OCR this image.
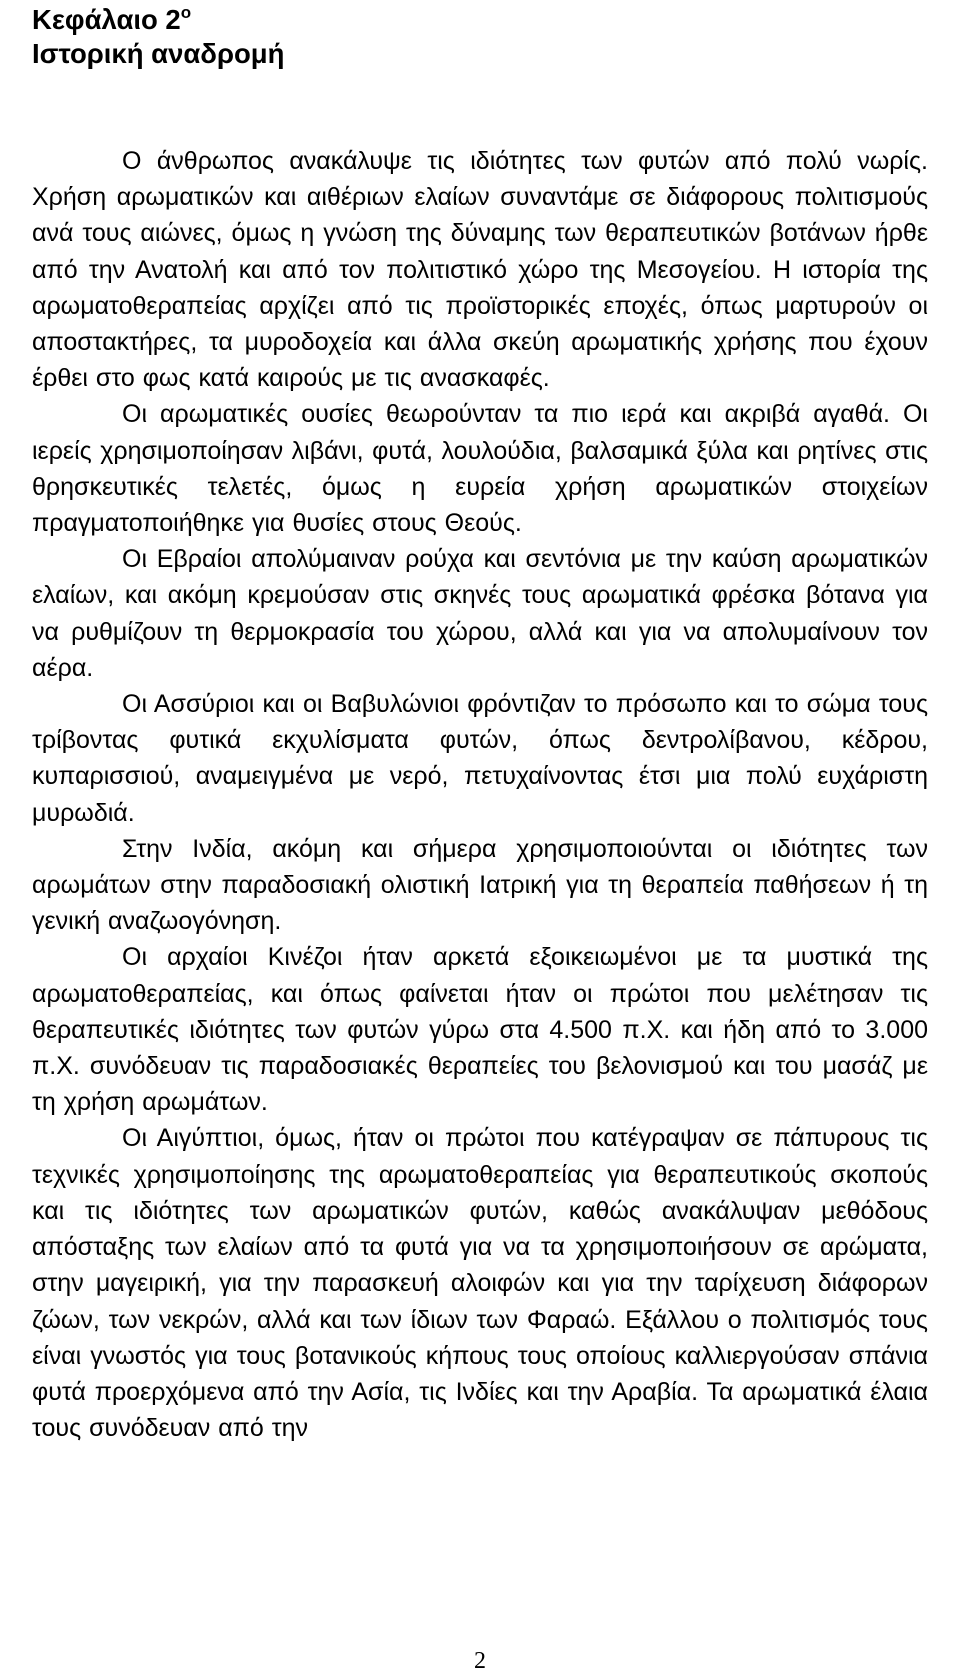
Κεφάλαιο $2^o$
Ιστορική αναδρομή

Ο άνθρωπος ανακάλυψε τις ιδιότητες των φυτών από πολύ νωρίς. Χρήση αρωματικών και αιθέριων ελαίων συναντάμε σε διάφορους πολιτισμούς ανά τους αιώνες, όμως η γνώση της δύναμης των θεραπευτικών βοτάνων ήρθε από την Ανατολή και από τον πολιτιστικό χώρο της Μεσογείου. Η ιστορία της αρωματοθεραπείας αρχίζει από τις προϊστορικές εποχές, όπως μαρτυρούν οι αποστακτήρες, τα μυροδοχεία και άλλα σκεύη αρωματικής χρήσης που έχουν έρθει στο φως κατά καιρούς με τις ανασκαφές.

Οι αρωματικές ουσίες θεωρούνταν τα πιο ιερά και ακριβά αγαθά. Οι ιερείς χρησιμοποίησαν λιβάνι, φυτά, λουλούδια, βαλσαμικά ξύλα και ρητίνες στις θρησκευτικές τελετές, όμως η ευρεία χρήση αρωματικών στοιχείων πραγματοποιήθηκε για θυσίες στους Θεούς.

Οι Εβραίοι απολύμαιναν ρούχα και σεντόνια με την καύση αρωματικών ελαίων, και ακόμη κρεμούσαν στις σκηνές τους αρωματικά φρέσκα βότανα για να ρυθμίζουν τη θερμοκρασία του χώρου, αλλά και για να απολυμαίνουν τον αέρα.

Οι Ασσύριοι και οι Βαβυλώνιοι φρόντιζαν το πρόσωπο και το σώμα τους τρίβοντας φυτικά εκχυλίσματα φυτών, όπως δεντρολίβανου, κέδρου, κυπαρισσιού, αναμειγμένα με νερό, πετυχαίνοντας έτσι μια πολύ ευχάριστη μυρωδιά.

Στην Ινδία, ακόμη και σήμερα χρησιμοποιούνται οι ιδιότητες των αρωμάτων στην παραδοσιακή ολιστική Ιατρική για τη θεραπεία παθήσεων ή τη γενική αναζωογόνηση.

Οι αρχαίοι Κινέζοι ήταν αρκετά εξοικειωμένοι με τα μυστικά της αρωματοθεραπείας, και όπως φαίνεται ήταν οι πρώτοι που μελέτησαν τις θεραπευτικές ιδιότητες των φυτών γύρω στα 4.500 π.Χ. και ήδη από το 3.000 π.Χ. συνόδευαν τις παραδοσιακές θεραπείες του βελονισμού και του μασάζ με τη χρήση αρωμάτων.

Οι Αιγύπτιοι, όμως, ήταν οι πρώτοι που κατέγραψαν σε πάπυρους τις τεχνικές χρησιμοποίησης της αρωματοθεραπείας για θεραπευτικούς σκοπούς και τις ιδιότητες των αρωματικών φυτών, καθώς ανακάλυψαν μεθόδους απόσταξης των ελαίων από τα φυτά για να τα χρησιμοποιήσουν σε αρώματα, στην μαγειρική, για την παρασκευή αλοιφών και για την ταρίχευση διάφορων ζώων, των νεκρών, αλλά και των ίδιων των Φαραώ. Εξάλλου ο πολιτισμός τους είναι γνωστός για τους βοτανικούς κήπους τους οποίους καλλιεργούσαν σπάνια φυτά προερχόμενα από την Ασία, τις Ινδίες και την Αραβία. Τα αρωματικά έλαια τους συνόδευαν από την

2
